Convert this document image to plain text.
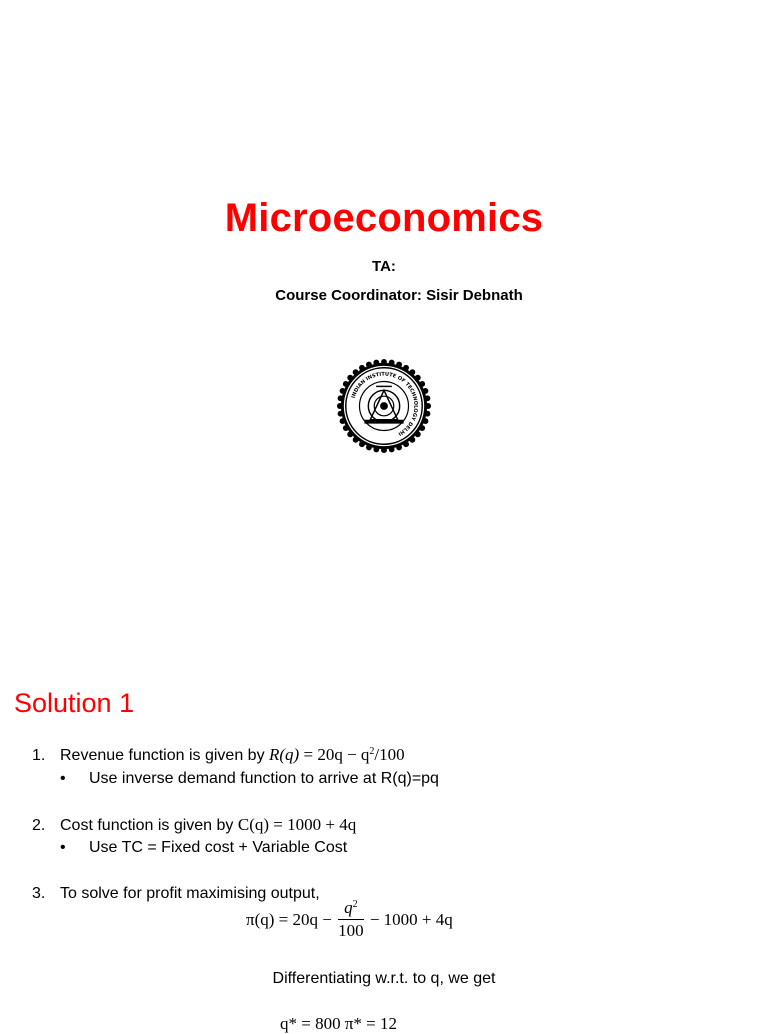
Microeconomics
TA:
Course Coordinator: Sisir Debnath
INDIAN INSTITUTE OF TECHNOLOGY DELHI
Solution 1
1. Revenue function is given by $R(q) = 20q - q^2/100$
• Use inverse demand function to arrive at R(q)=pq
2. Cost function is given by C(q) = 1000 + 4q
• Use TC = Fixed cost + Variable Cost
3. To solve for profit maximising output,
$\pi(q) = 20q - \frac{q^2}{100} - 1000 + 4q$
Differentiating w.r.t. to q, we get
q* = 800 π* = 12
